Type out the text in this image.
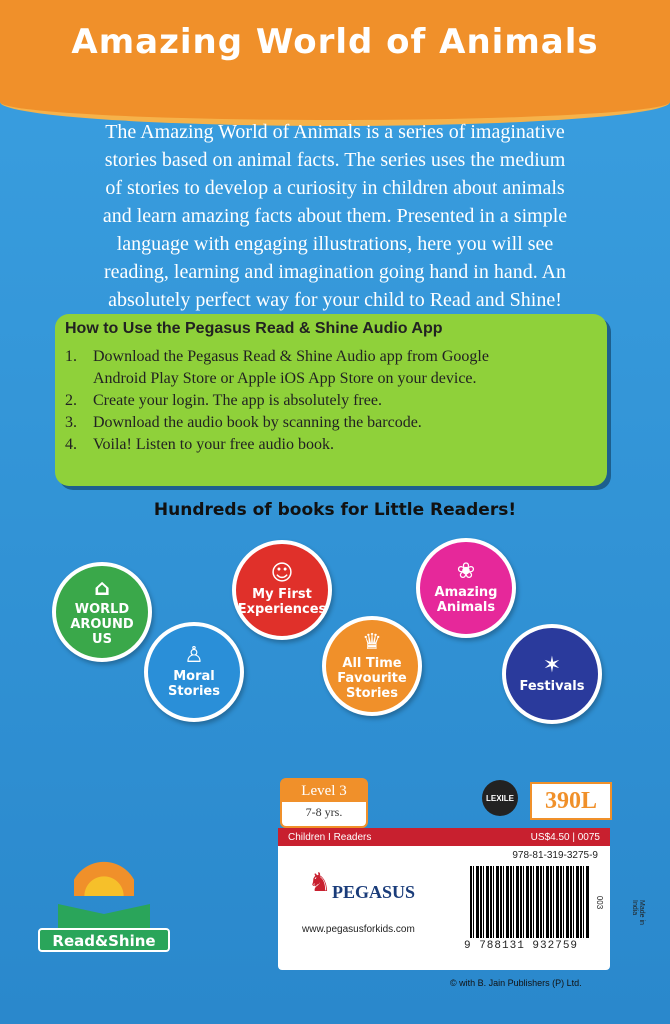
Amazing World of Animals
The Amazing World of Animals is a series of imaginative
stories based on animal facts. The series uses the medium
of stories to develop a curiosity in children about animals
and learn amazing facts about them. Presented in a simple
language with engaging illustrations, here you will see
reading, learning and imagination going hand in hand. An
absolutely perfect way for your child to Read and Shine!
How to Use the Pegasus Read & Shine Audio App
1.	Download the Pegasus Read & Shine Audio app from Google
Android Play Store or Apple iOS App Store on your device.
2.	Create your login. The app is absolutely free.
3.	Download the audio book by scanning the barcode.
4.	Voila! Listen to your free audio book.
Hundreds of books for Little Readers!
⌂
WORLD
AROUND
US
☺
My First
Experiences
❀
Amazing
Animals
♙
Moral
Stories
♛
All Time
Favourite
Stories
✶
Festivals
Level 3
7-8 yrs.
LEXILE	390L
Children I Readers	US$4.50 | 0075
978-81-319-3275-9
♞ PEGASUS
www.pegasusforkids.com
9 788131 932759
003
Read&Shine
© with B. Jain Publishers (P) Ltd.
Made in India
